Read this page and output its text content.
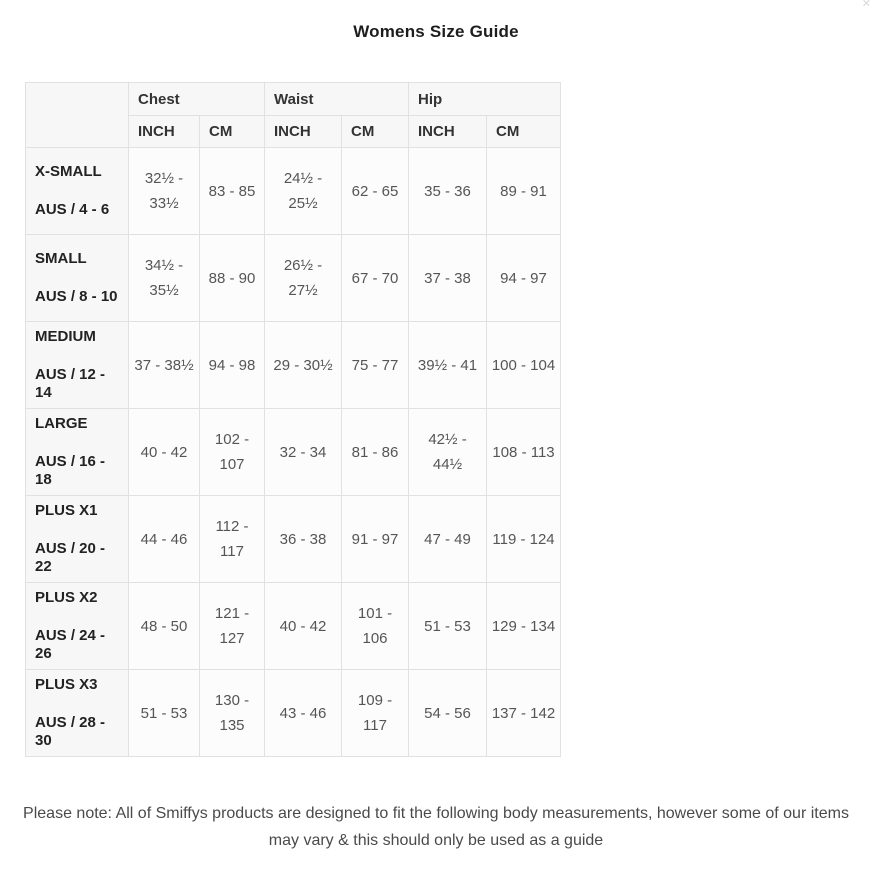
✕
Womens Size Guide
	Chest		Waist		Hip	
	INCH	CM	INCH	CM	INCH	CM

X-SMALL
AUS / 4 - 6	32½ - 33½	83 - 85	24½ - 25½	62 - 65	35 - 36	89 - 91

SMALL
AUS / 8 - 10	34½ - 35½	88 - 90	26½ - 27½	67 - 70	37 - 38	94 - 97

MEDIUM
AUS / 12 - 14	37 - 38½	94 - 98	29 - 30½	75 - 77	39½ - 41	100 - 104

LARGE
AUS / 16 - 18	40 - 42	102 - 107	32 - 34	81 - 86	42½ - 44½	108 - 113

PLUS X1
AUS / 20 - 22	44 - 46	112 - 117	36 - 38	91 - 97	47 - 49	119 - 124

PLUS X2
AUS / 24 - 26	48 - 50	121 - 127	40 - 42	101 - 106	51 - 53	129 - 134

PLUS X3
AUS / 28 - 30	51 - 53	130 - 135	43 - 46	109 - 117	54 - 56	137 - 142

Please note: All of Smiffys products are designed to fit the following body measurements, however some of our items
may vary & this should only be used as a guide
